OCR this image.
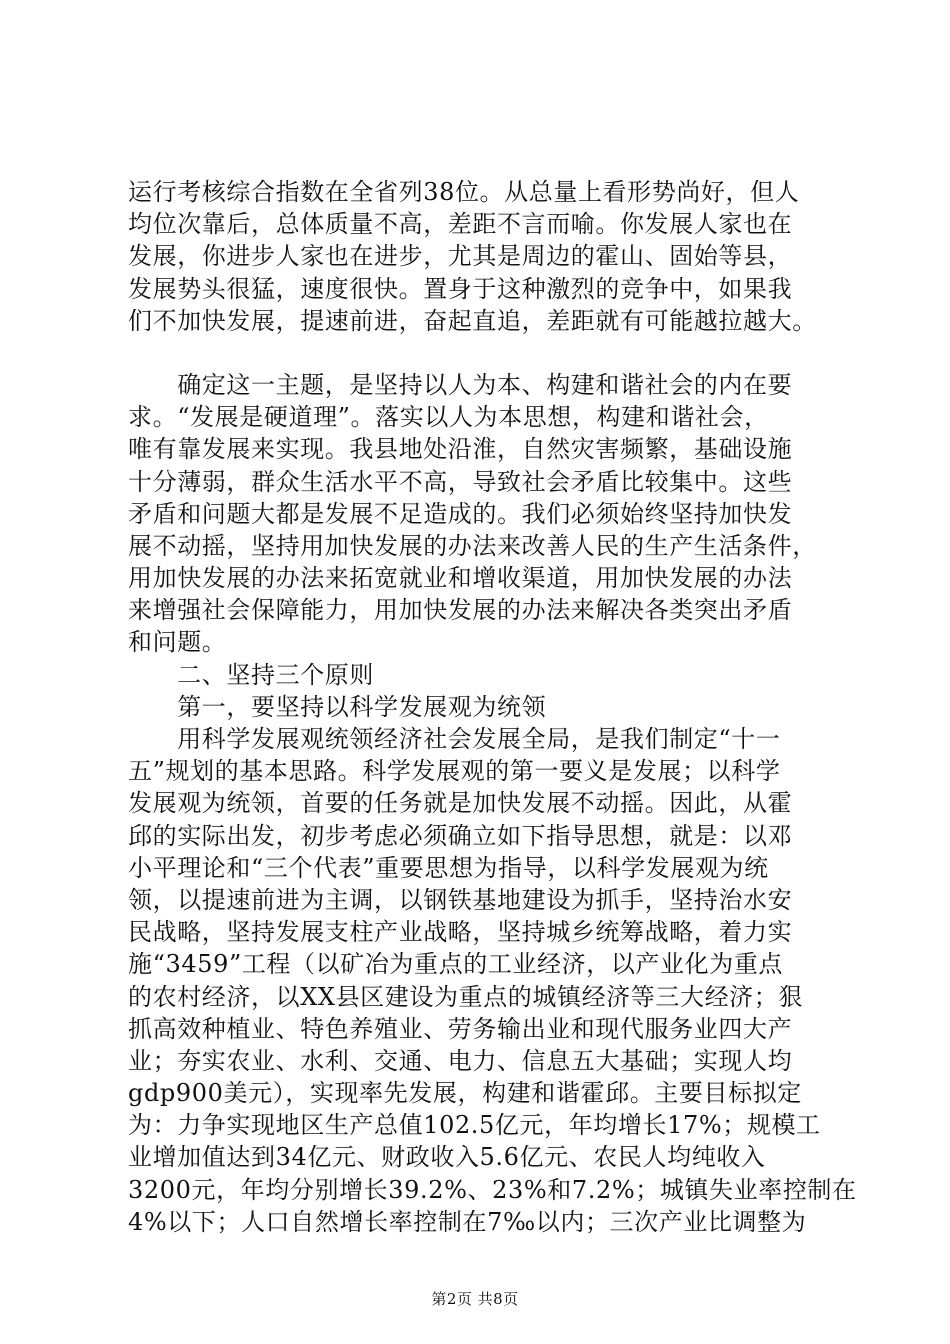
运行考核综合指数在全省列38位。从总量上看形势尚好，但人
均位次靠后，总体质量不高，差距不言而喻。你发展人家也在
发展，你进步人家也在进步，尤其是周边的霍山、固始等县，
发展势头很猛，速度很快。置身于这种激烈的竞争中，如果我
们不加快发展，提速前进，奋起直追，差距就有可能越拉越大。
　　确定这一主题，是坚持以人为本、构建和谐社会的内在要
求。“发展是硬道理”。落实以人为本思想，构建和谐社会，
唯有靠发展来实现。我县地处沿淮，自然灾害频繁，基础设施
十分薄弱，群众生活水平不高，导致社会矛盾比较集中。这些
矛盾和问题大都是发展不足造成的。我们必须始终坚持加快发
展不动摇，坚持用加快发展的办法来改善人民的生产生活条件，
用加快发展的办法来拓宽就业和增收渠道，用加快发展的办法
来增强社会保障能力，用加快发展的办法来解决各类突出矛盾
和问题。
　　二、坚持三个原则
　　第一，要坚持以科学发展观为统领
　　用科学发展观统领经济社会发展全局，是我们制定“十一
五”规划的基本思路。科学发展观的第一要义是发展；以科学
发展观为统领，首要的任务就是加快发展不动摇。因此，从霍
邱的实际出发，初步考虑必须确立如下指导思想，就是：以邓
小平理论和“三个代表”重要思想为指导，以科学发展观为统
领，以提速前进为主调，以钢铁基地建设为抓手，坚持治水安
民战略，坚持发展支柱产业战略，坚持城乡统筹战略，着力实
施“3459”工程（以矿冶为重点的工业经济，以产业化为重点
的农村经济，以XX县区建设为重点的城镇经济等三大经济；狠
抓高效种植业、特色养殖业、劳务输出业和现代服务业四大产
业；夯实农业、水利、交通、电力、信息五大基础；实现人均
gdp900美元），实现率先发展，构建和谐霍邱。主要目标拟定
为：力争实现地区生产总值102.5亿元，年均增长17%；规模工
业增加值达到34亿元、财政收入5.6亿元、农民人均纯收入
3200元，年均分别增长39.2%、23%和7.2%；城镇失业率控制在
4%以下；人口自然增长率控制在7‰以内；三次产业比调整为
第2页 共8页
